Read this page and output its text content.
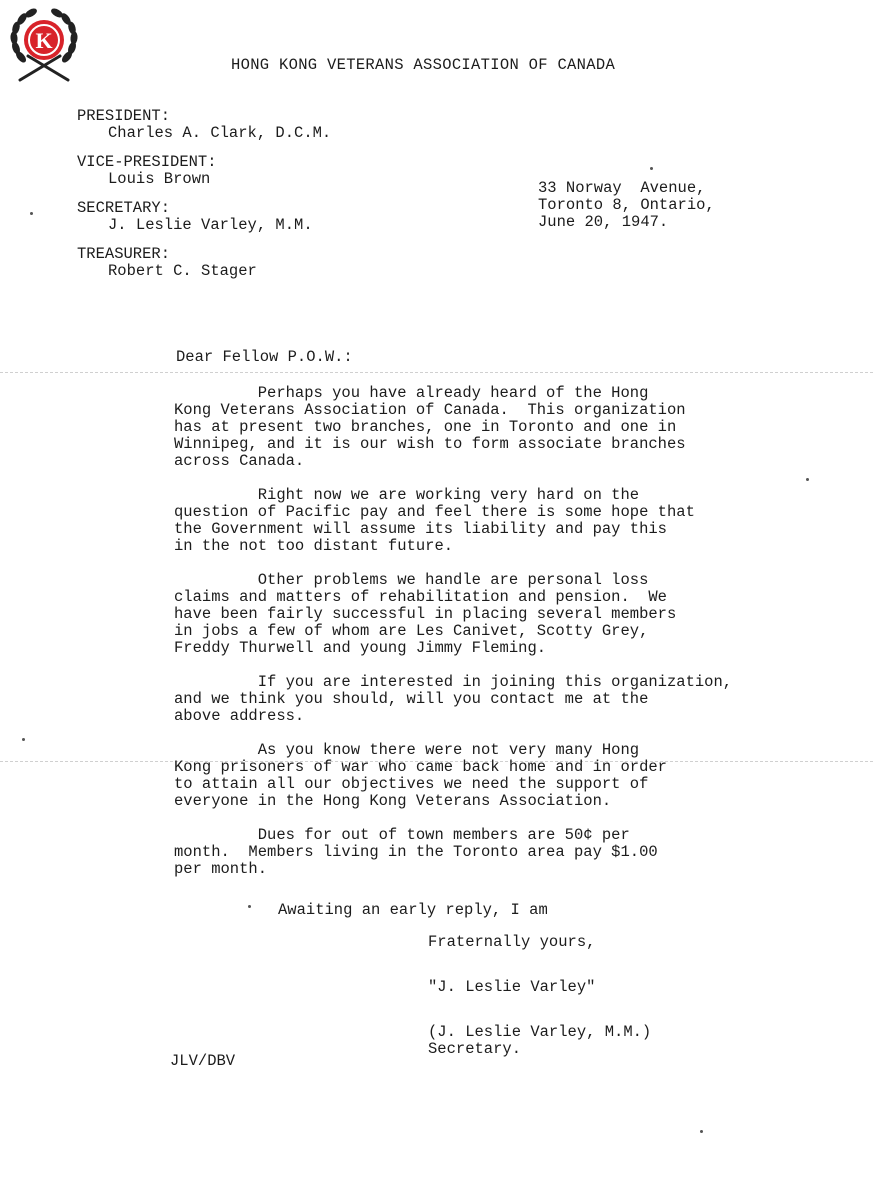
K
HONG KONG VETERANS ASSOCIATION OF CANADA
PRESIDENT:
Charles A. Clark, D.C.M.
VICE-PRESIDENT:
Louis Brown
SECRETARY:
J. Leslie Varley, M.M.
TREASURER:
Robert C. Stager
33 Norway  Avenue,
Toronto 8, Ontario,
June 20, 1947.
Dear Fellow P.O.W.:
Perhaps you have already heard of the Hong
Kong Veterans Association of Canada.  This organization
has at present two branches, one in Toronto and one in
Winnipeg, and it is our wish to form associate branches
across Canada.
Right now we are working very hard on the
question of Pacific pay and feel there is some hope that
the Government will assume its liability and pay this
in the not too distant future.
Other problems we handle are personal loss
claims and matters of rehabilitation and pension.  We
have been fairly successful in placing several members
in jobs a few of whom are Les Canivet, Scotty Grey,
Freddy Thurwell and young Jimmy Fleming.
If you are interested in joining this organization,
and we think you should, will you contact me at the
above address.
As you know there were not very many Hong
Kong prisoners of war who came back home and in order
to attain all our objectives we need the support of
everyone in the Hong Kong Veterans Association.
Dues for out of town members are 50¢ per
month.  Members living in the Toronto area pay $1.00
per month.
Awaiting an early reply, I am
Fraternally yours,
"J. Leslie Varley"
(J. Leslie Varley, M.M.)
Secretary.
JLV/DBV
